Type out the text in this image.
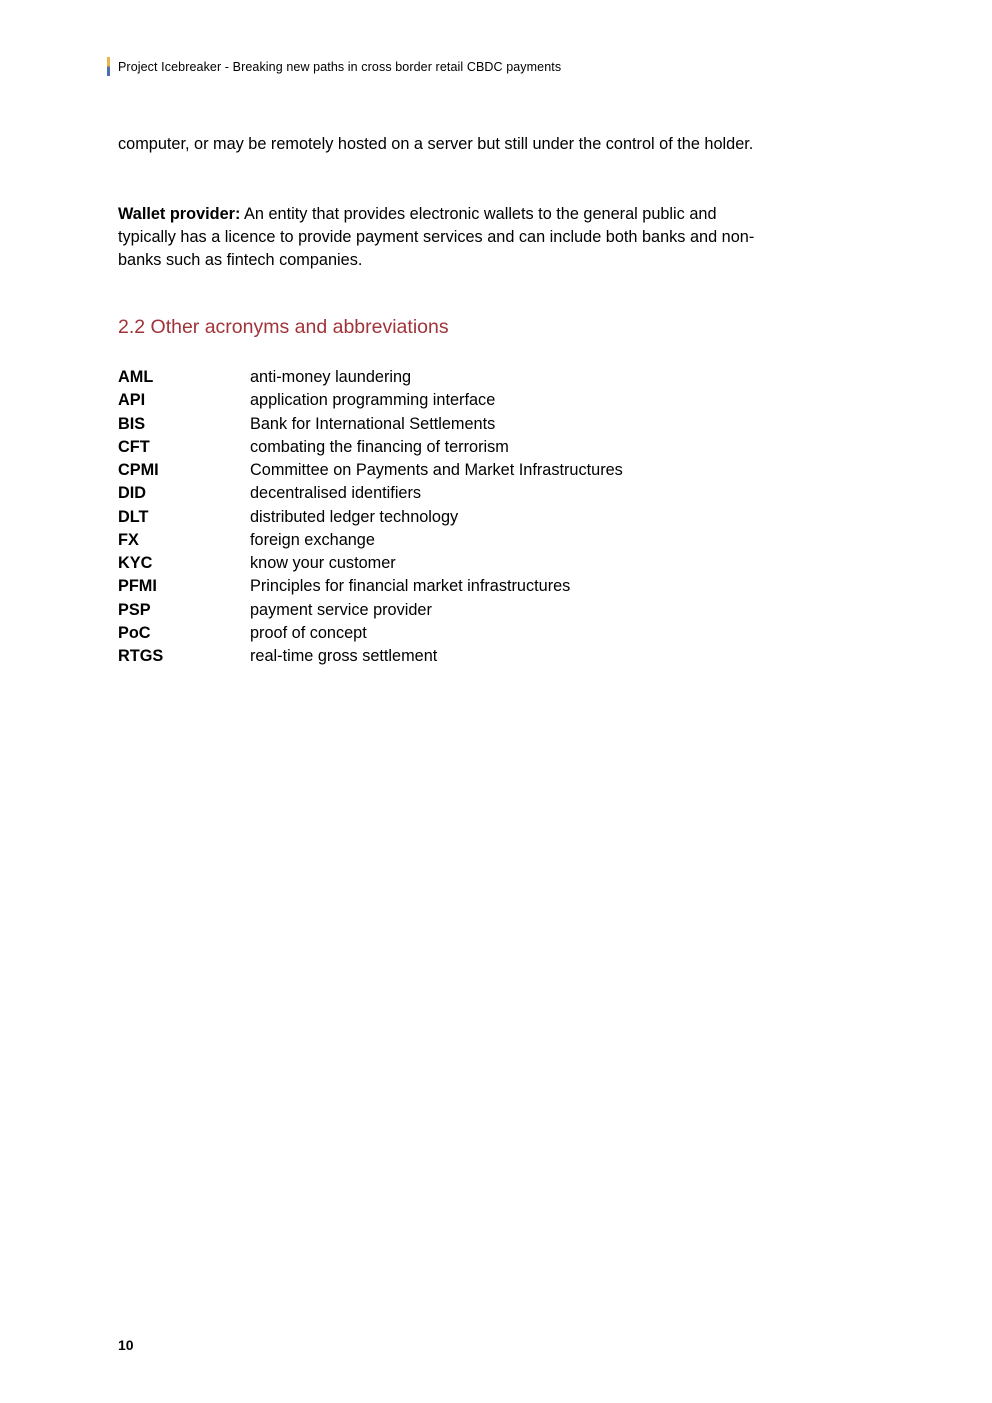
Project Icebreaker - Breaking new paths in cross border retail CBDC payments

computer, or may be remotely hosted on a server but still under the control of the holder.

Wallet provider: An entity that provides electronic wallets to the general public and typically has a licence to provide payment services and can include both banks and non-banks such as fintech companies.

2.2 Other acronyms and abbreviations
AML	anti-money laundering
API	application programming interface
BIS	Bank for International Settlements
CFT	combating the financing of terrorism
CPMI	Committee on Payments and Market Infrastructures
DID	decentralised identifiers
DLT	distributed ledger technology
FX	foreign exchange
KYC	know your customer
PFMI	Principles for financial market infrastructures
PSP	payment service provider
PoC	proof of concept
RTGS	real-time gross settlement
10
